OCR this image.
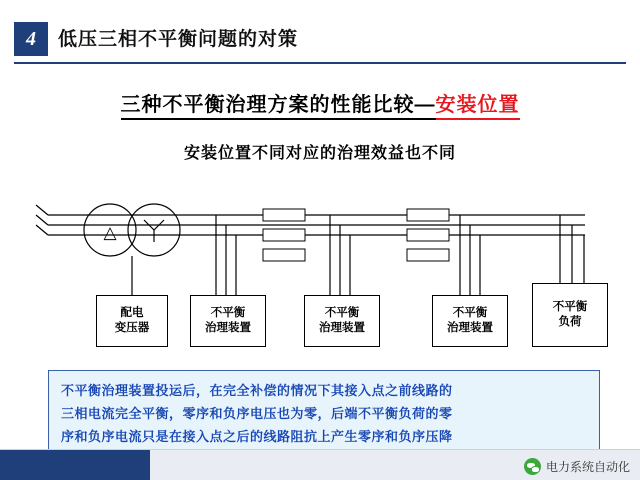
4	低压三相不平衡问题的对策
三种不平衡治理方案的性能比较—安装位置
安装位置不同对应的治理效益也不同
△
配电
变压器
不平衡
治理装置
不平衡
治理装置
不平衡
治理装置
不平衡
负荷

不平衡治理装置投运后，在完全补偿的情况下其接入点之前线路的

三相电流完全平衡，零序和负序电压也为零，后端不平衡负荷的零

序和负序电流只是在接入点之后的线路阻抗上产生零序和负序压降

电力系统自动化
